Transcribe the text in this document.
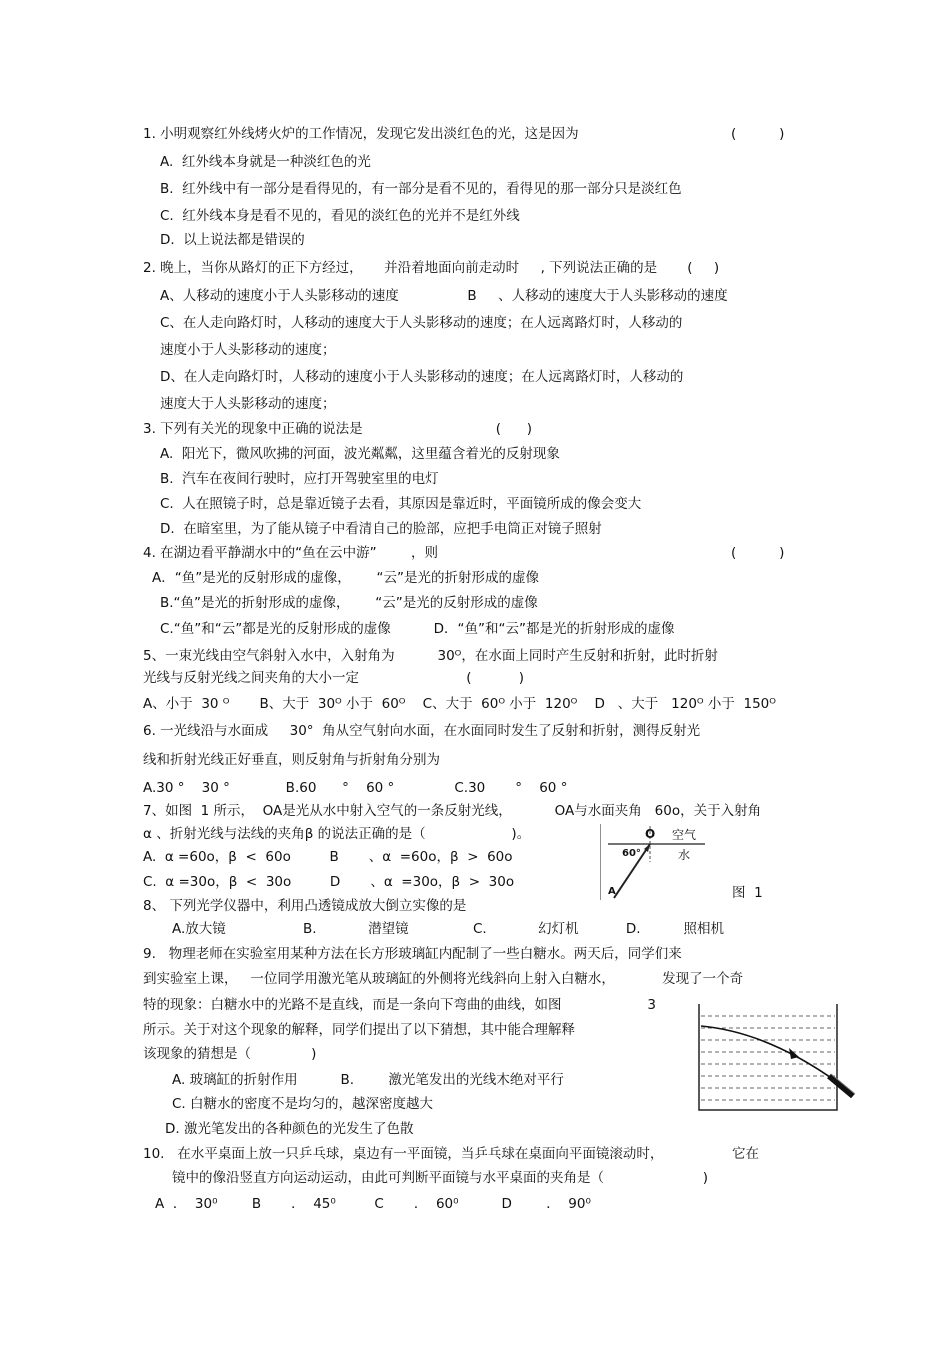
1. 小明观察红外线烤火炉的工作情况，发现它发出淡红色的光，这是因为	(          )
A.  红外线本身就是一种淡红色的光
B.  红外线中有一部分是看得见的，有一部分是看不见的，看得见的那一部分只是淡红色
C.  红外线本身是看不见的，看见的淡红色的光并不是红外线
D.  以上说法都是错误的
2. 晚上，当你从路灯的正下方经过，     并沿着地面向前走动时     , 下列说法正确的是       (     )
A、人移动的速度小于人头影移动的速度                B     、人移动的速度大于人头影移动的速度
C、在人走向路灯时，人移动的速度大于人头影移动的速度；在人远离路灯时，人移动的
速度小于人头影移动的速度；
D、在人走向路灯时，人移动的速度小于人头影移动的速度；在人远离路灯时，人移动的
速度大于人头影移动的速度；
3. 下列有关光的现象中正确的说法是                               (      )
A.  阳光下，微风吹拂的河面，波光粼粼，这里蕴含着光的反射现象
B.  汽车在夜间行驶时，应打开驾驶室里的电灯
C.  人在照镜子时，总是靠近镜子去看，其原因是靠近时，平面镜所成的像会变大
D.  在暗室里，为了能从镜子中看清自己的脸部，应把手电筒正对镜子照射
4. 在湖边看平静湖水中的“鱼在云中游”        ，则	(          )
A．“鱼”是光的反射形成的虚像，      “云”是光的折射形成的虚像
B.“鱼”是光的折射形成的虚像，      “云”是光的反射形成的虚像
C.“鱼”和“云”都是光的反射形成的虚像          D．“鱼”和“云”都是光的折射形成的虚像
5、一束光线由空气斜射入水中，入射角为          30ᴼ，在水面上同时产生反射和折射，此时折射
光线与反射光线之间夹角的大小一定                         (           )
A、小于  30 ᴼ       B、大于  30ᴼ 小于  60ᴼ    C、大于  60ᴼ 小于  120ᴼ    D   、大于   120ᴼ 小于  150ᴼ
6. 一光线沿与水面成     30°  角从空气射向水面，在水面同时发生了反射和折射，测得反射光
线和折射光线正好垂直，则反射角与折射角分别为
A.30 °    30 °             B.60      °    60 °              C.30       °    60 °
7、如图  1 所示，  OA是光从水中射入空气的一条反射光线，          OA与水面夹角   60o，关于入射角
α 、折射光线与法线的夹角β 的说法正确的是（                    )。
A.  α =60o，β  <  60o         B       、α  =60o，β  >  60o
C.  α =30o，β  <  30o         D       、α  =30o，β  >  30o
8、 下列光学仪器中，利用凸透镜成放大倒立实像的是
A.放大镜                  B.            潜望镜               C.            幻灯机           D.          照相机
9.   物理老师在实验室用某种方法在长方形玻璃缸内配制了一些白糖水。两天后，同学们来
到实验室上课，   一位同学用激光笔从玻璃缸的外侧将光线斜向上射入白糖水，           发现了一个奇
特的现象：白糖水中的光路不是直线，而是一条向下弯曲的曲线，如图                    3
所示。关于对这个现象的解释，同学们提出了以下猜想，其中能合理解释
该现象的猜想是（              )
A. 玻璃缸的折射作用          B.        激光笔发出的光线木绝对平行
C. 白糖水的密度不是均匀的，越深密度越大
D. 激光笔发出的各种颜色的光发生了色散
10.   在水平桌面上放一只乒乓球，桌边有一平面镜，当乒乓球在桌面向平面镜滚动时，                它在
镜中的像沿竖直方向运动运动，由此可判断平面镜与水平桌面的夹角是（                       )
A  ．  30⁰        B       ．  45⁰         C       ．  60⁰          D        ．  90⁰
O 空气
水
60°
A	图  1
